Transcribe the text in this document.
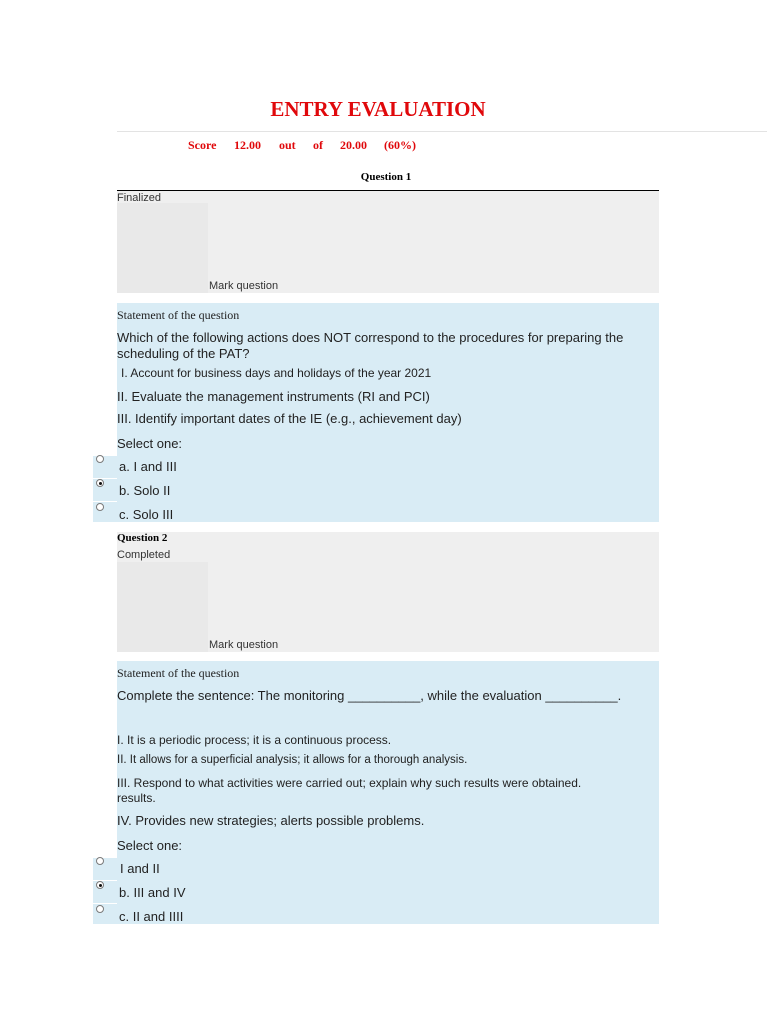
ENTRY EVALUATION
Score 12.00 out of 20.00 (60%)
Question 1
Finalized
Mark question
Statement of the question
Which of the following actions does NOT correspond to the procedures for preparing the scheduling of the PAT?
I. Account for business days and holidays of the year 2021
II. Evaluate the management instruments (RI and PCI)
III. Identify important dates of the IE (e.g., achievement day)
Select one:
a. I and III
b. Solo II
c. Solo III
Question 2
Completed
Mark question
Statement of the question
Complete the sentence: The monitoring __________, while the evaluation __________.
I. It is a periodic process; it is a continuous process.
II. It allows for a superficial analysis; it allows for a thorough analysis.
III. Respond to what activities were carried out; explain why such results were obtained.
results.
IV. Provides new strategies; alerts possible problems.
Select one:
I and II
b. III and IV
c. II and IIII
